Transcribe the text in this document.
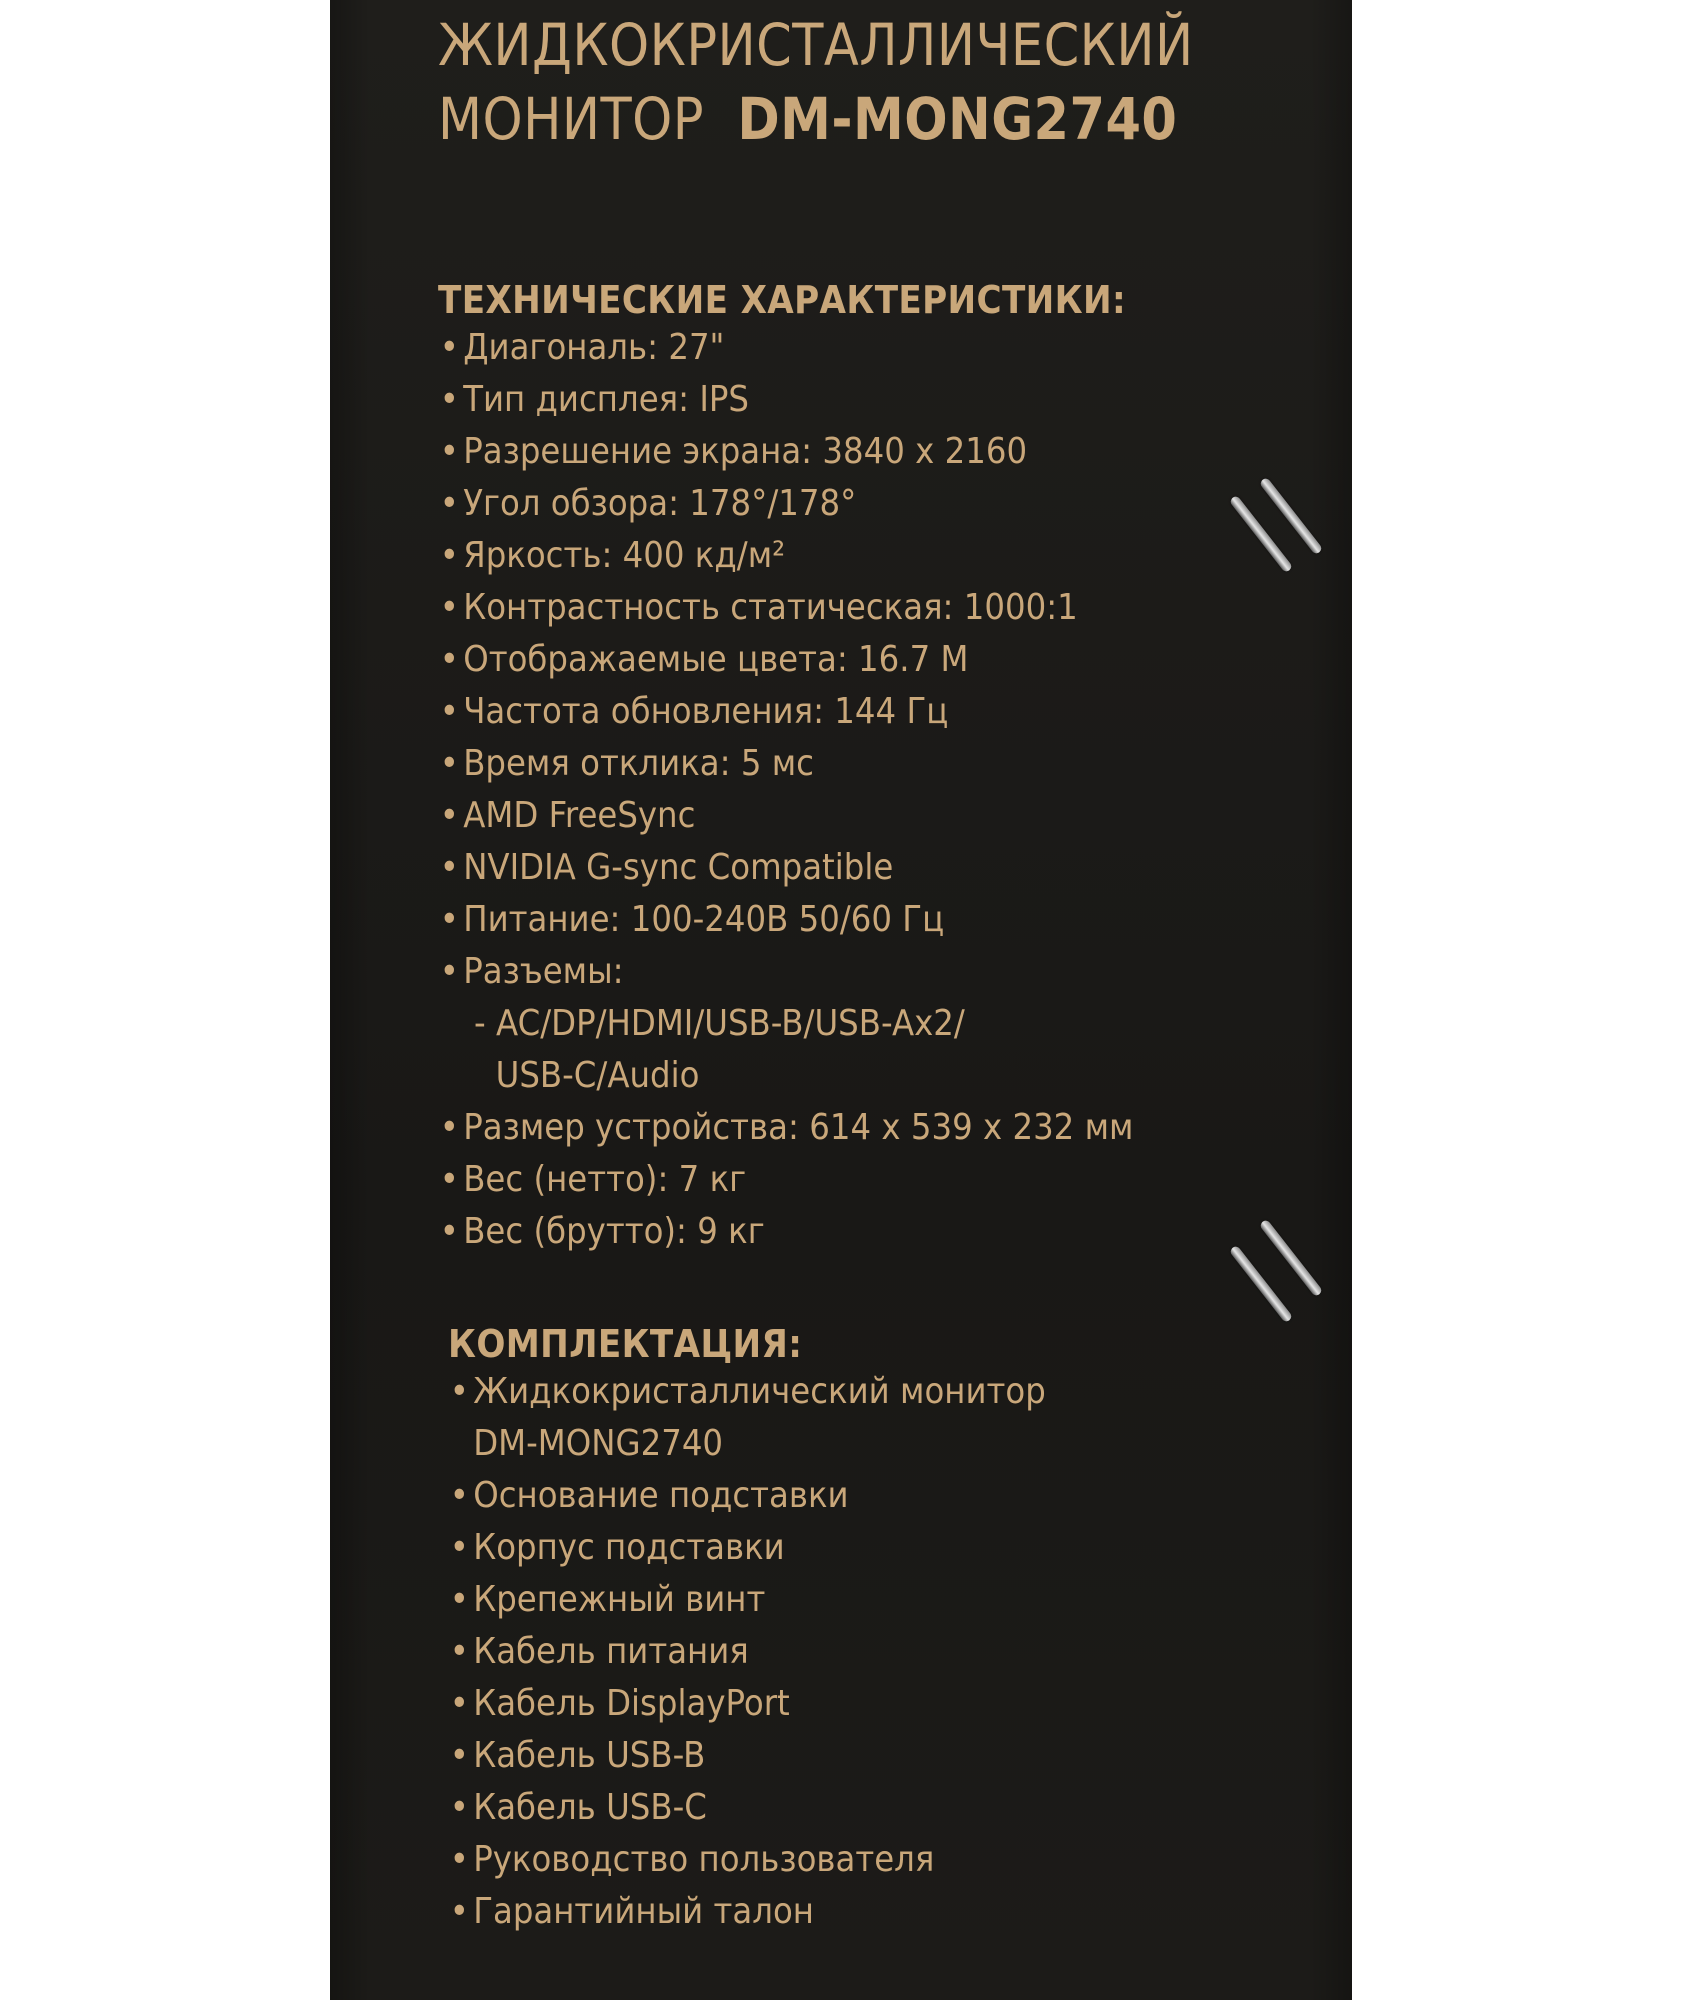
ЖИДКОКРИСТАЛЛИЧЕСКИЙ
МОНИТОР DM-MONG2740
ТЕХНИЧЕСКИЕ ХАРАКТЕРИСТИКИ:
• Диагональ: 27"
• Тип дисплея: IPS
• Разрешение экрана: 3840 x 2160
• Угол обзора: 178°/178°
• Яркость: 400 кд/м²
• Контрастность статическая: 1000:1
• Отображаемые цвета: 16.7 M
• Частота обновления: 144 Гц
• Время отклика: 5 мс
• AMD FreeSync
• NVIDIA G-sync Compatible
• Питание: 100-240В 50/60 Гц
• Разъемы:
- AC/DP/HDMI/USB-B/USB-Ax2/
USB-C/Audio
• Размер устройства: 614 x 539 x 232 мм
• Вес (нетто): 7 кг
• Вес (брутто): 9 кг
КОМПЛЕКТАЦИЯ:
• Жидкокристаллический монитор
DM-MONG2740
• Основание подставки
• Корпус подставки
• Крепежный винт
• Кабель питания
• Кабель DisplayPort
• Кабель USB-B
• Кабель USB-C
• Руководство пользователя
• Гарантийный талон
